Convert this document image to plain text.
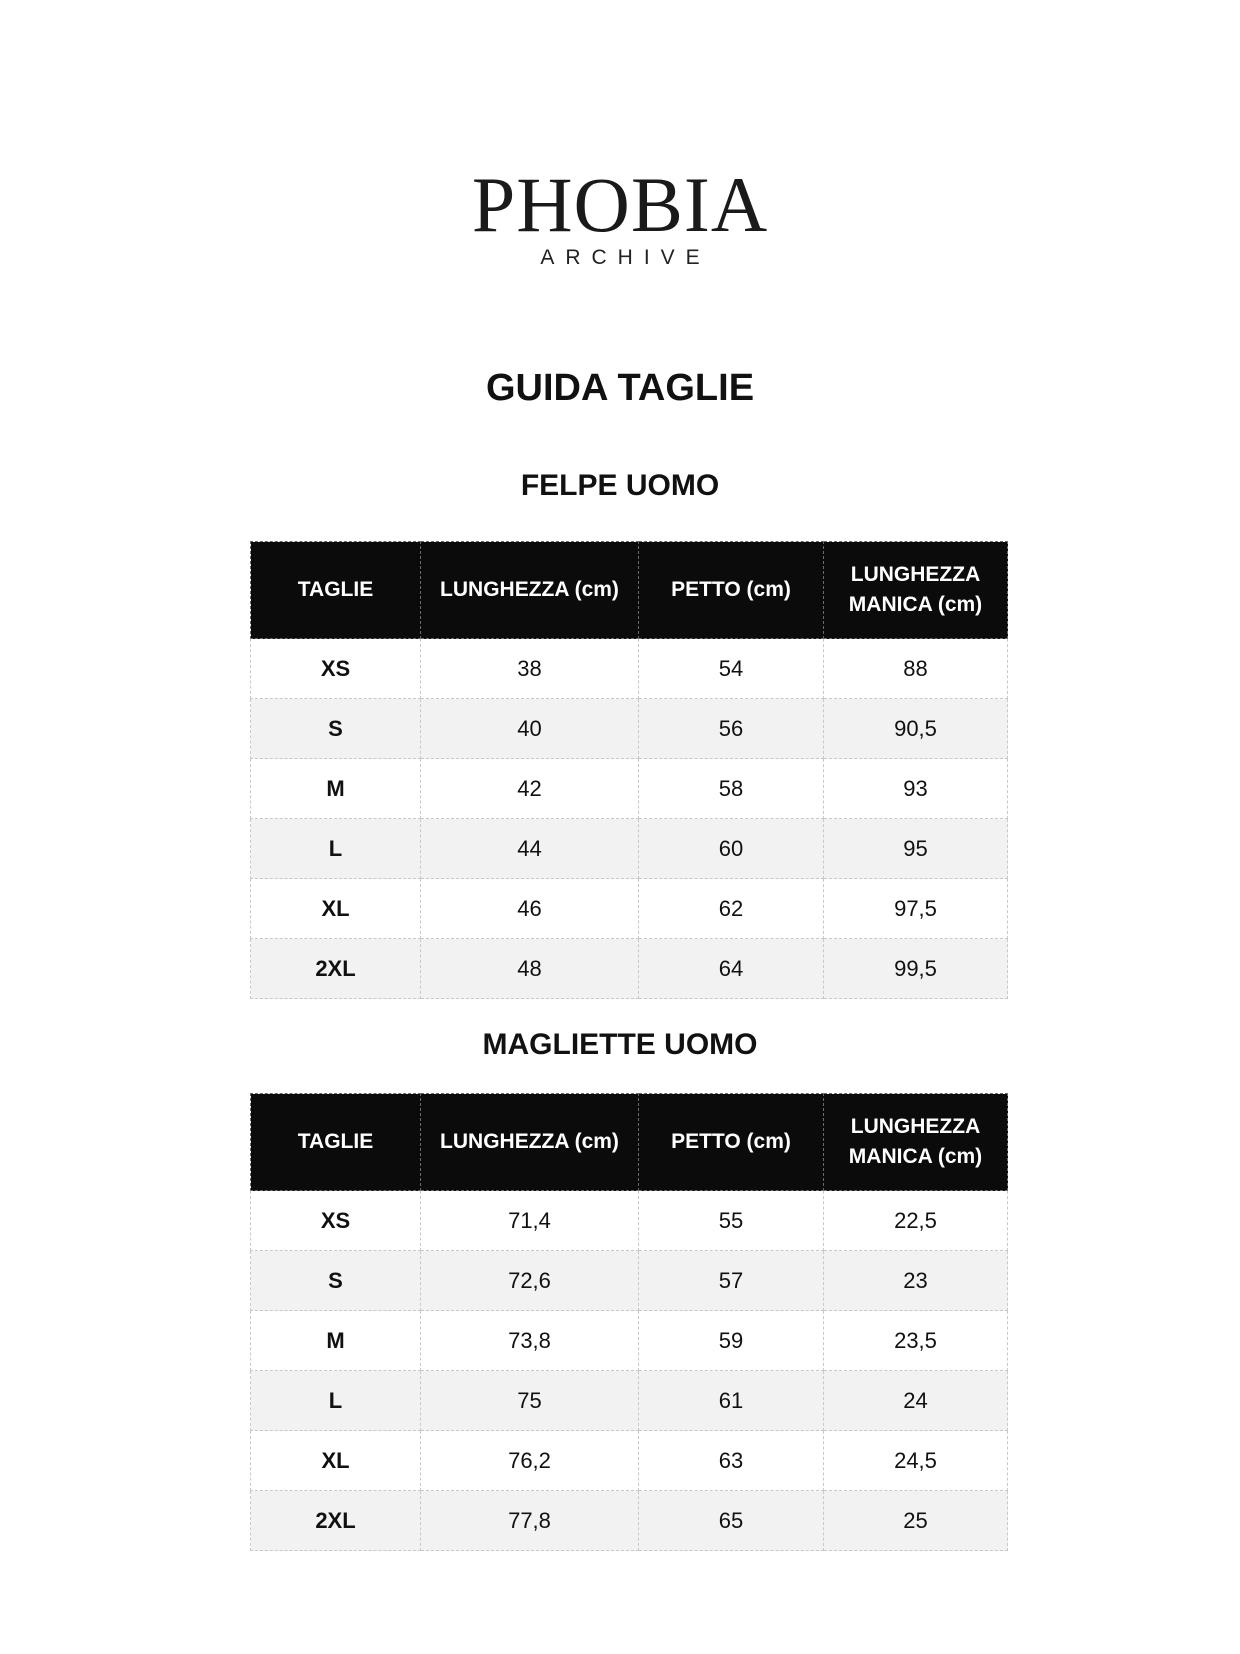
PHOBIA
ARCHIVE
GUIDA TAGLIE
FELPE UOMO
TAGLIE	LUNGHEZZA (cm)	PETTO (cm)	LUNGHEZZA MANICA (cm)
XS	38	54	88
S	40	56	90,5
M	42	58	93
L	44	60	95
XL	46	62	97,5
2XL	48	64	99,5
MAGLIETTE UOMO
TAGLIE	LUNGHEZZA (cm)	PETTO (cm)	LUNGHEZZA MANICA (cm)
XS	71,4	55	22,5
S	72,6	57	23
M	73,8	59	23,5
L	75	61	24
XL	76,2	63	24,5
2XL	77,8	65	25
